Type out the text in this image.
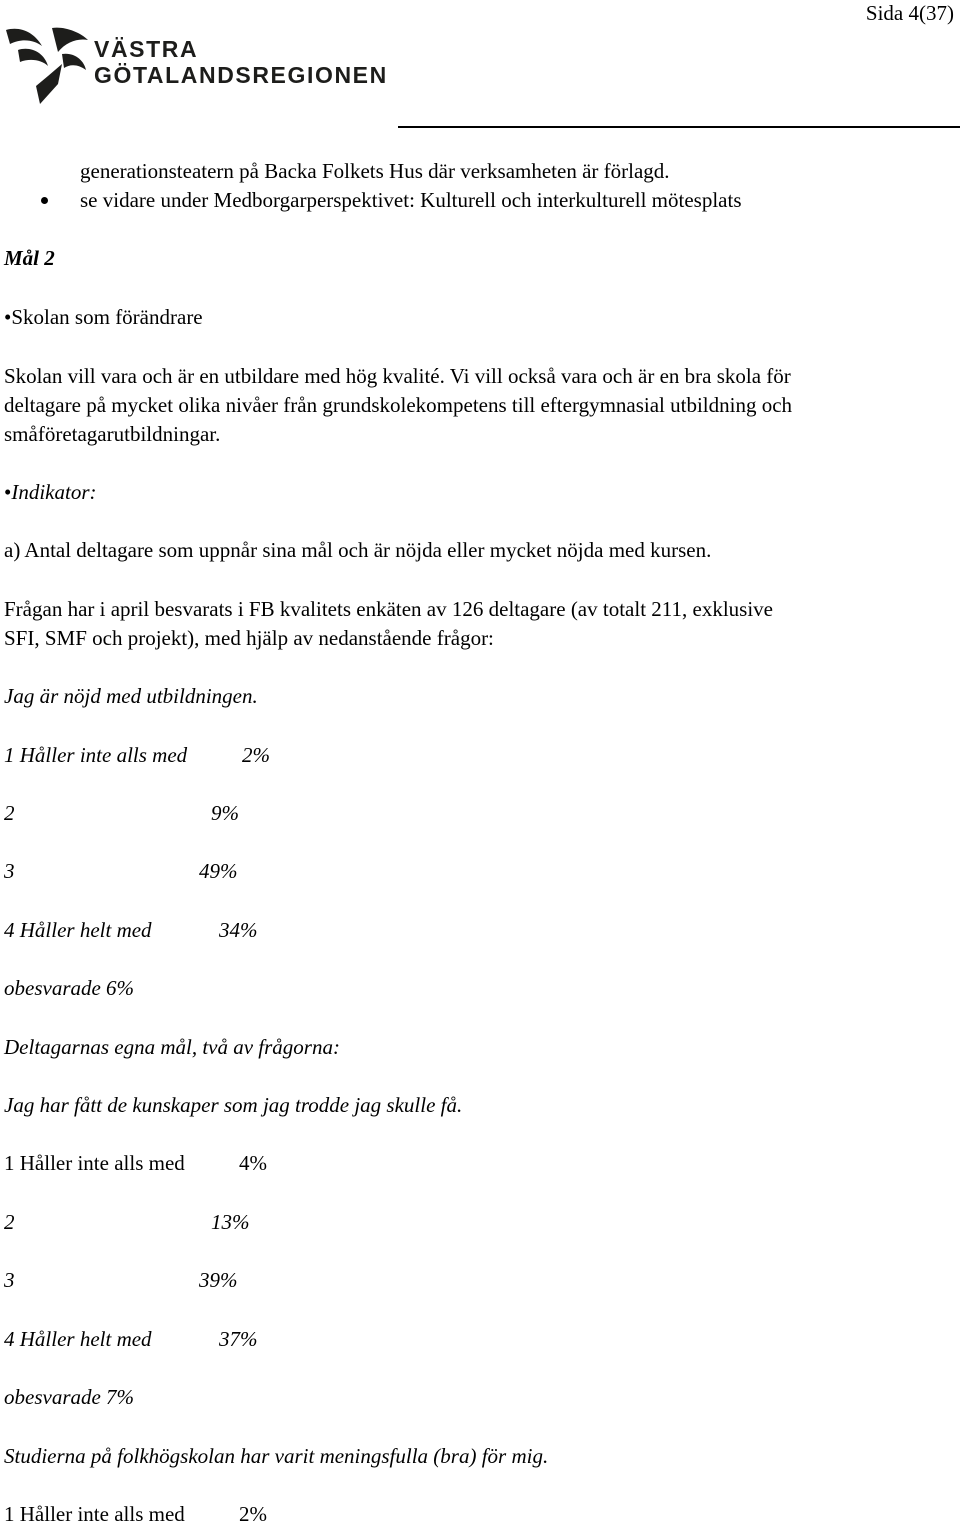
Sida 4(37)
VÄSTRA
GÖTALANDSREGIONEN
generationsteatern på Backa Folkets Hus där verksamheten är förlagd.
se vidare under Medborgarperspektivet: Kulturell och interkulturell mötesplats
Mål 2
•Skolan som förändrare
Skolan vill vara och är en utbildare med hög kvalité. Vi vill också vara och är en bra skola för
deltagare på mycket olika nivåer från grundskolekompetens till eftergymnasial utbildning och
småföretagarutbildningar.
•Indikator:
a) Antal deltagare som uppnår sina mål och är nöjda eller mycket nöjda med kursen.
Frågan har i april besvarats i FB kvalitets enkäten av 126 deltagare (av totalt 211, exklusive
SFI, SMF och projekt), med hjälp av nedanstående frågor:
Jag är nöjd med utbildningen.
1 Håller inte alls med	2%
2	9%
3	49%
4 Håller helt med	34%
obesvarade 6%
Deltagarnas egna mål, två av frågorna:
Jag har fått de kunskaper som jag trodde jag skulle få.
1 Håller inte alls med	4%
2	13%
3	39%
4 Håller helt med	37%
obesvarade 7%
Studierna på folkhögskolan har varit meningsfulla (bra) för mig.
1 Håller inte alls med	2%
